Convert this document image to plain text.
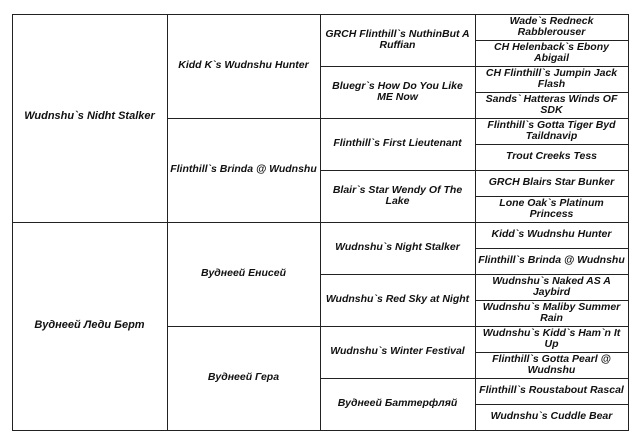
Wudnshu`s Nidht Stalker
Вуднеей Леди Берт
Kidd K`s Wudnshu Hunter
Flinthill`s Brinda @ Wudnshu
Вуднеей Енисей
Вуднеей Гера
GRCH Flinthill`s NuthinBut A Ruffian
Bluegr`s How Do You Like ME Now
Flinthill`s First Lieutenant
Blair`s Star Wendy Of The Lake
Wudnshu`s Night Stalker
Wudnshu`s Red Sky at Night
Wudnshu`s Winter Festival
Вуднеей Баттерфляй
Wade`s Redneck Rabblerouser
CH Helenback`s Ebony Abigail
CH Flinthill`s Jumpin Jack Flash
Sands` Hatteras Winds OF SDK
Flinthill`s Gotta Tiger Byd Taildnavip
Trout Creeks Tess
GRCH Blairs Star Bunker
Lone Oak`s Platinum Princess
Kidd`s Wudnshu Hunter
Flinthill`s Brinda @ Wudnshu
Wudnshu`s Naked AS A Jaybird
Wudnshu`s Maliby Summer Rain
Wudnshu`s Kidd`s Ham`n It Up
Flinthill`s Gotta Pearl @ Wudnshu
Flinthill`s Roustabout Rascal
Wudnshu`s Cuddle Bear
